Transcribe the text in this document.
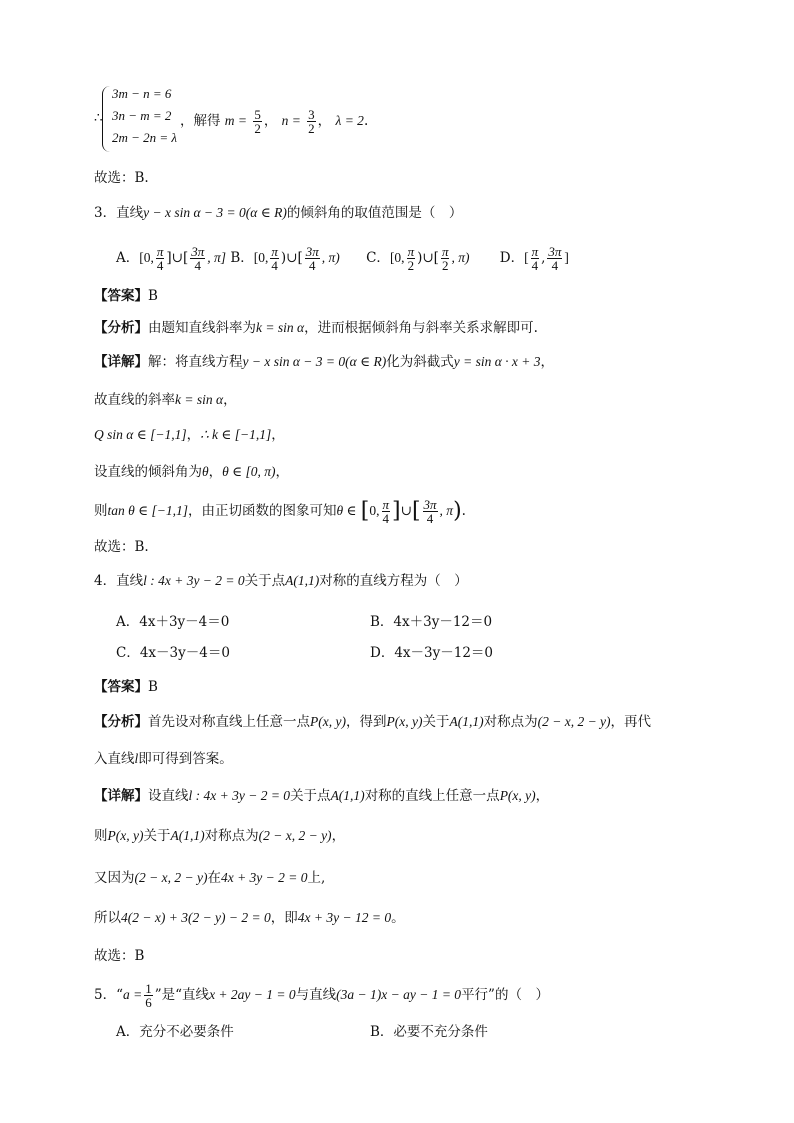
∴
3m − n = 6
3n − m = 2
2m − 2n = λ
，解得 $m = \frac{5}{2}$ ， $n = \frac{3}{2}$ ， λ = 2.
故选：B.
3．直线y − x sin α − 3 = 0(α ∈ R)的倾斜角的取值范围是（　）
A．[0, $\frac{\pi}{4}$ ]∪[ $\frac{3\pi}{4}$ , π] B．[0, $\frac{\pi}{4}$ )∪[ $\frac{3\pi}{4}$ , π) C．[0, $\frac{\pi}{2}$ )∪[ $\frac{\pi}{2}$ , π) D．[ $\frac{\pi}{4}$ , $\frac{3\pi}{4}$ ]
【答案】B
【分析】由题知直线斜率为k = sin α，进而根据倾斜角与斜率关系求解即可.
【详解】解：将直线方程y − x sin α − 3 = 0(α ∈ R)化为斜截式y = sin α · x + 3，
故直线的斜率k = sin α，
Q sin α ∈ [−1,1]，∴ k ∈ [−1,1]，
设直线的倾斜角为θ，θ ∈ [0, π)，
则tan θ ∈ [−1,1]，由正切函数的图象可知θ ∈ [0, $\frac{\pi}{4}$ ]∪[ $\frac{3\pi}{4}$ , π).
故选：B.
4．直线l : 4x + 3y − 2 = 0关于点A(1,1)对称的直线方程为（　）
A．4x＋3y－4＝0	B．4x＋3y－12＝0
C．4x－3y－4＝0	D．4x－3y－12＝0
【答案】B
【分析】首先设对称直线上任意一点P(x, y)，得到P(x, y)关于A(1,1)对称点为(2 − x, 2 − y)，再代
入直线l即可得到答案。
【详解】设直线l : 4x + 3y − 2 = 0关于点A(1,1)对称的直线上任意一点P(x, y)，
则P(x, y)关于A(1,1)对称点为(2 − x, 2 − y)，
又因为(2 − x, 2 − y)在4x + 3y − 2 = 0上,
所以4(2 − x) + 3(2 − y) − 2 = 0，即4x + 3y − 12 = 0。
故选：B
5．“$a = \frac{1}{6}$ ”是“直线x + 2ay − 1 = 0与直线(3a − 1)x − ay − 1 = 0平行”的（　）
A．充分不必要条件	B．必要不充分条件
